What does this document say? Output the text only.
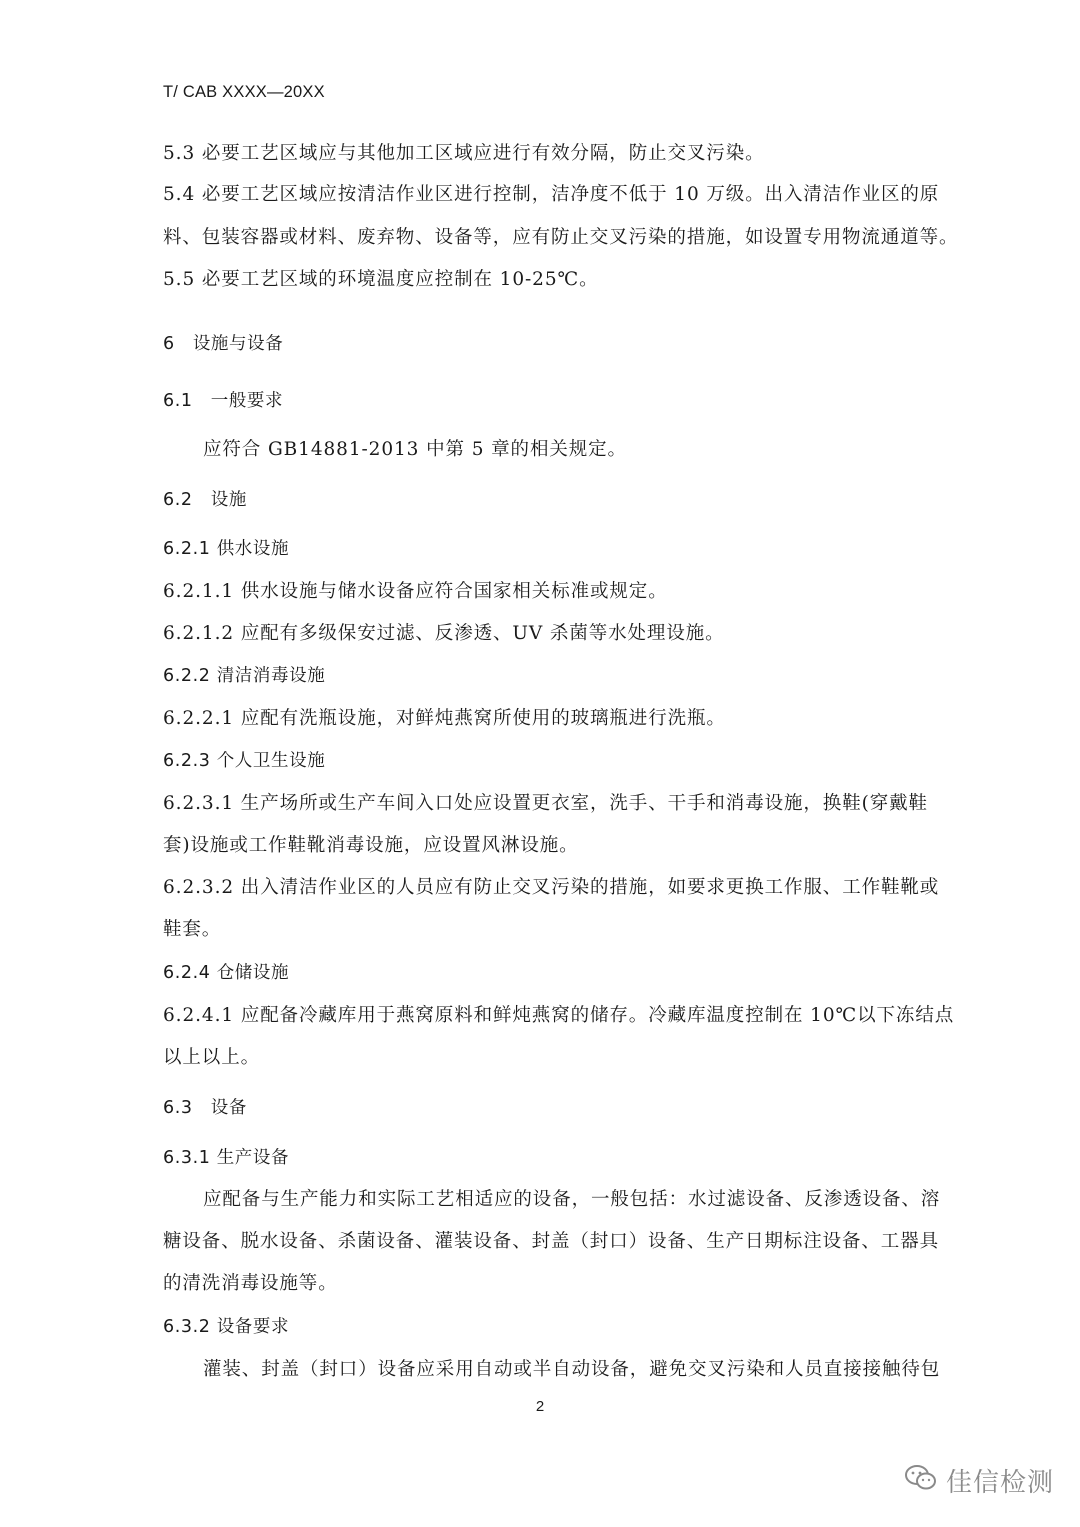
T/ CAB XXXX—20XX
5.3 必要工艺区域应与其他加工区域应进行有效分隔，防止交叉污染。
5.4 必要工艺区域应按清洁作业区进行控制，洁净度不低于 10 万级。出入清洁作业区的原
料、包装容器或材料、废弃物、设备等，应有防止交叉污染的措施，如设置专用物流通道等。
5.5 必要工艺区域的环境温度应控制在 10-25℃。
6　设施与设备
6.1　一般要求
应符合 GB14881-2013 中第 5 章的相关规定。
6.2　设施
6.2.1 供水设施
6.2.1.1 供水设施与储水设备应符合国家相关标准或规定。
6.2.1.2 应配有多级保安过滤、反渗透、UV 杀菌等水处理设施。
6.2.2 清洁消毒设施
6.2.2.1 应配有洗瓶设施，对鲜炖燕窝所使用的玻璃瓶进行洗瓶。
6.2.3 个人卫生设施
6.2.3.1 生产场所或生产车间入口处应设置更衣室，洗手、干手和消毒设施，换鞋(穿戴鞋
套)设施或工作鞋靴消毒设施，应设置风淋设施。
6.2.3.2 出入清洁作业区的人员应有防止交叉污染的措施，如要求更换工作服、工作鞋靴或
鞋套。
6.2.4 仓储设施
6.2.4.1 应配备冷藏库用于燕窝原料和鲜炖燕窝的储存。冷藏库温度控制在 10℃以下冻结点
以上以上。
6.3　设备
6.3.1 生产设备
应配备与生产能力和实际工艺相适应的设备，一般包括：水过滤设备、反渗透设备、溶
糖设备、脱水设备、杀菌设备、灌装设备、封盖（封口）设备、生产日期标注设备、工器具
的清洗消毒设施等。
6.3.2 设备要求
灌装、封盖（封口）设备应采用自动或半自动设备，避免交叉污染和人员直接接触待包
2
佳信检测
